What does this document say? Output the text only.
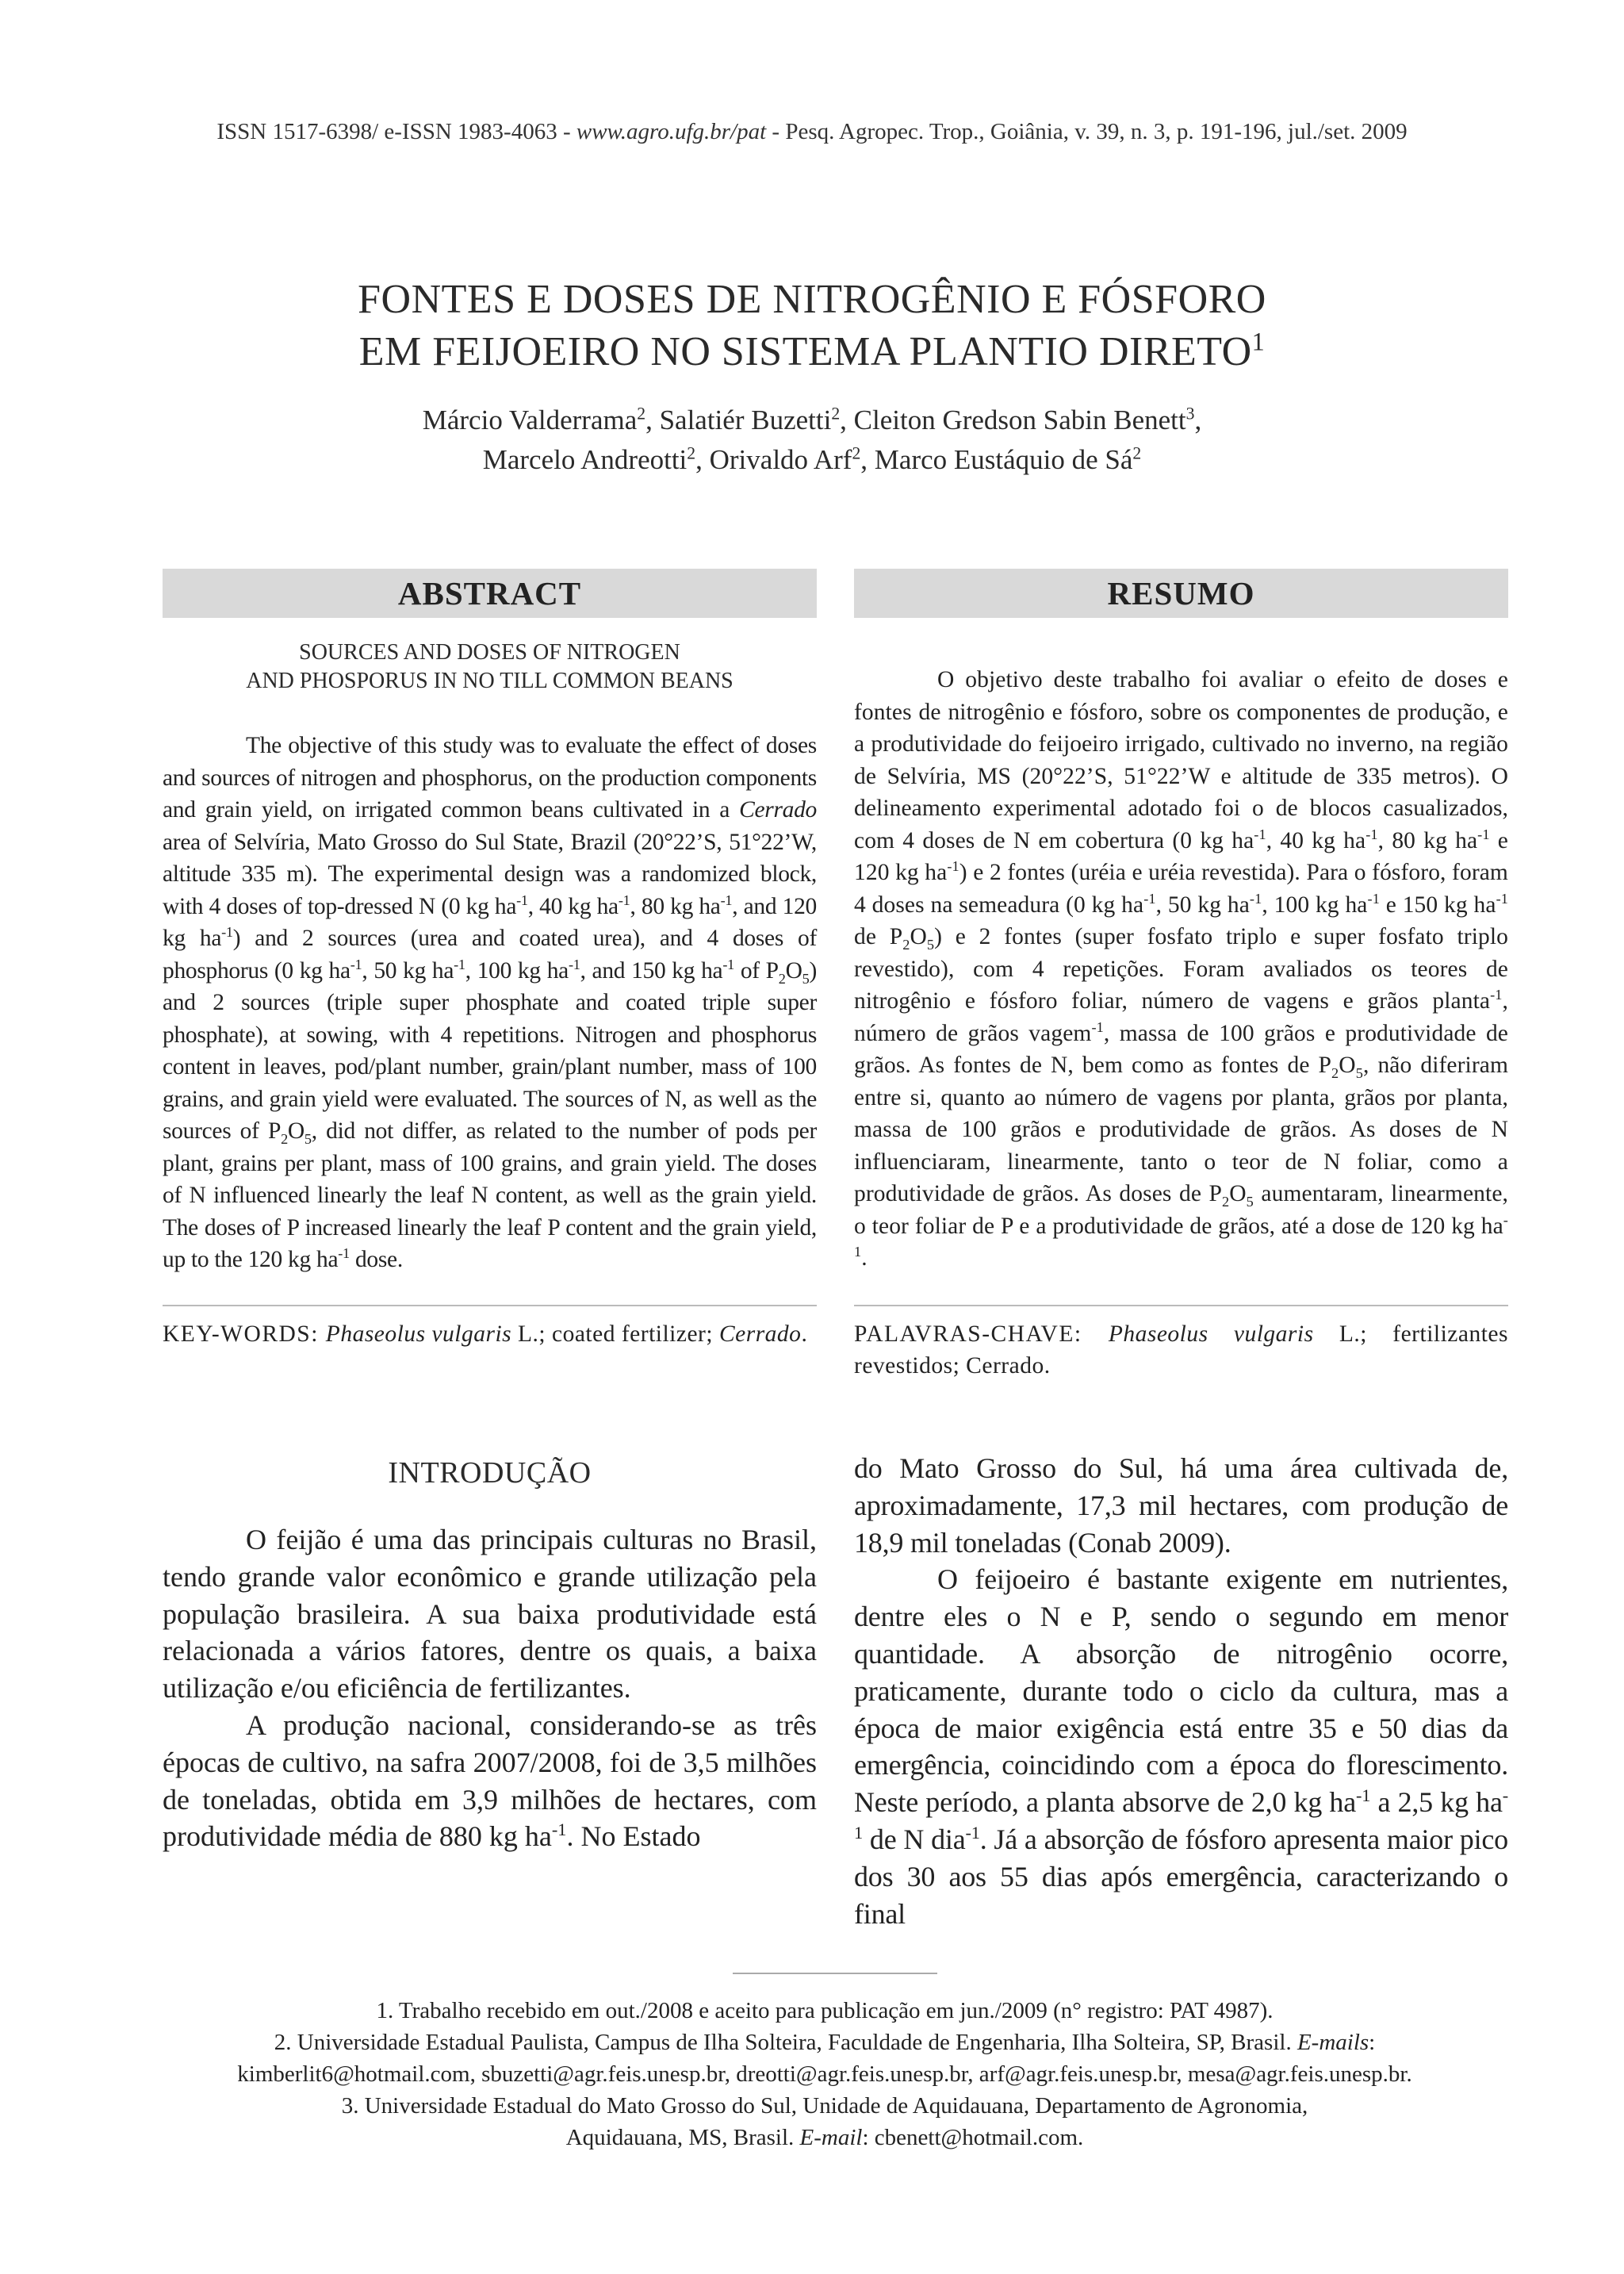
ISSN 1517-6398/ e-ISSN 1983-4063 - www.agro.ufg.br/pat - Pesq. Agropec. Trop., Goiânia, v. 39, n. 3, p. 191-196, jul./set. 2009
FONTES E DOSES DE NITROGÊNIO E FÓSFORO
EM FEIJOEIRO NO SISTEMA PLANTIO DIRETO$^1$
Márcio Valderrama$^2$, Salatiér Buzetti$^2$, Cleiton Gredson Sabin Benett$^3$,
Marcelo Andreotti$^2$, Orivaldo Arf$^2$, Marco Eustáquio de $Sá^2$
ABSTRACT
SOURCES AND DOSES OF NITROGEN
AND PHOSPORUS IN NO TILL COMMON BEANS

The objective of this study was to evaluate the effect of doses and sources of nitrogen and phosphorus, on the production components and grain yield, on irrigated common beans cultivated in a Cerrado area of Selvíria, Mato Grosso do Sul State, Brazil (20°22’S, 51°22’W, altitude 335 m). The experimental design was a randomized block, with 4 doses of top-dressed N (0 kg $ha^{-1}$, 40 kg $ha^{-1}$, 80 kg $ha^{-1}$, and 120 kg $ha^{-1}$) and 2 sources (urea and coated urea), and 4 doses of phosphorus (0 kg $ha^{-1}$, 50 kg $ha^{-1}$, 100 kg $ha^{-1}$, and 150 kg $ha^{-1}$ of $P_2O_5$) and 2 sources (triple super phosphate and coated triple super phosphate), at sowing, with 4 repetitions. Nitrogen and phosphorus content in leaves, pod/plant number, grain/plant number, mass of 100 grains, and grain yield were evaluated. The sources of N, as well as the sources of $P_2O_5$, did not differ, as related to the number of pods per plant, grains per plant, mass of 100 grains, and grain yield. The doses of N influenced linearly the leaf N content, as well as the grain yield. The doses of P increased linearly the leaf P content and the grain yield, up to the 120 kg $ha^{-1}$ dose.

KEY-WORDS: Phaseolus vulgaris L.; coated fertilizer; Cerrado.
RESUMO

O objetivo deste trabalho foi avaliar o efeito de doses e fontes de nitrogênio e fósforo, sobre os componentes de produção, e a produtividade do feijoeiro irrigado, cultivado no inverno, na região de Selvíria, MS (20°22’S, 51°22’W e altitude de 335 metros). O delineamento experimental adotado foi o de blocos casualizados, com 4 doses de N em cobertura (0 kg $ha^{-1}$, 40 kg $ha^{-1}$, 80 kg $ha^{-1}$ e 120 kg $ha^{-1}$) e 2 fontes (uréia e uréia revestida). Para o fósforo, foram 4 doses na semeadura (0 kg $ha^{-1}$, 50 kg $ha^{-1}$, 100 kg $ha^{-1}$ e 150 kg $ha^{-1}$ de $P_2O_5$) e 2 fontes (super fosfato triplo e super fosfato triplo revestido), com 4 repetições. Foram avaliados os teores de nitrogênio e fósforo foliar, número de vagens e grãos planta$^{-1}$, número de grãos vagem$^{-1}$, massa de 100 grãos e produtividade de grãos. As fontes de N, bem como as fontes de $P_2O_5$, não diferiram entre si, quanto ao número de vagens por planta, grãos por planta, massa de 100 grãos e produtividade de grãos. As doses de N influenciaram, linearmente, tanto o teor de N foliar, como a produtividade de grãos. As doses de $P_2O_5$ aumentaram, linearmente, o teor foliar de P e a produtividade de grãos, até a dose de 120 kg $ha^{-1}$.

PALAVRAS-CHAVE: Phaseolus vulgaris L.; fertilizantes revestidos; Cerrado.
INTRODUÇÃO

O feijão é uma das principais culturas no Brasil, tendo grande valor econômico e grande utilização pela população brasileira. A sua baixa produtividade está relacionada a vários fatores, dentre os quais, a baixa utilização e/ou eficiência de fertilizantes.

A produção nacional, considerando-se as três épocas de cultivo, na safra 2007/2008, foi de 3,5 milhões de toneladas, obtida em 3,9 milhões de hectares, com produtividade média de 880 kg $ha^{-1}$. No Estado

do Mato Grosso do Sul, há uma área cultivada de, aproximadamente, 17,3 mil hectares, com produção de 18,9 mil toneladas (Conab 2009).

O feijoeiro é bastante exigente em nutrientes, dentre eles o N e P, sendo o segundo em menor quantidade. A absorção de nitrogênio ocorre, praticamente, durante todo o ciclo da cultura, mas a época de maior exigência está entre 35 e 50 dias da emergência, coincidindo com a época do florescimento. Neste período, a planta absorve de 2,0 kg $ha^{-1}$ a 2,5 kg $ha^{-1}$ de N dia$^{-1}$. Já a absorção de fósforo apresenta maior pico dos 30 aos 55 dias após emergência, caracterizando o final

1. Trabalho recebido em out./2008 e aceito para publicação em jun./2009 (n° registro: PAT 4987).
2. Universidade Estadual Paulista, Campus de Ilha Solteira, Faculdade de Engenharia, Ilha Solteira, SP, Brasil. E-mails:
kimberlit6@hotmail.com, sbuzetti@agr.feis.unesp.br, dreotti@agr.feis.unesp.br, arf@agr.feis.unesp.br, mesa@agr.feis.unesp.br.
3. Universidade Estadual do Mato Grosso do Sul, Unidade de Aquidauana, Departamento de Agronomia,
Aquidauana, MS, Brasil. E-mail: cbenett@hotmail.com.
